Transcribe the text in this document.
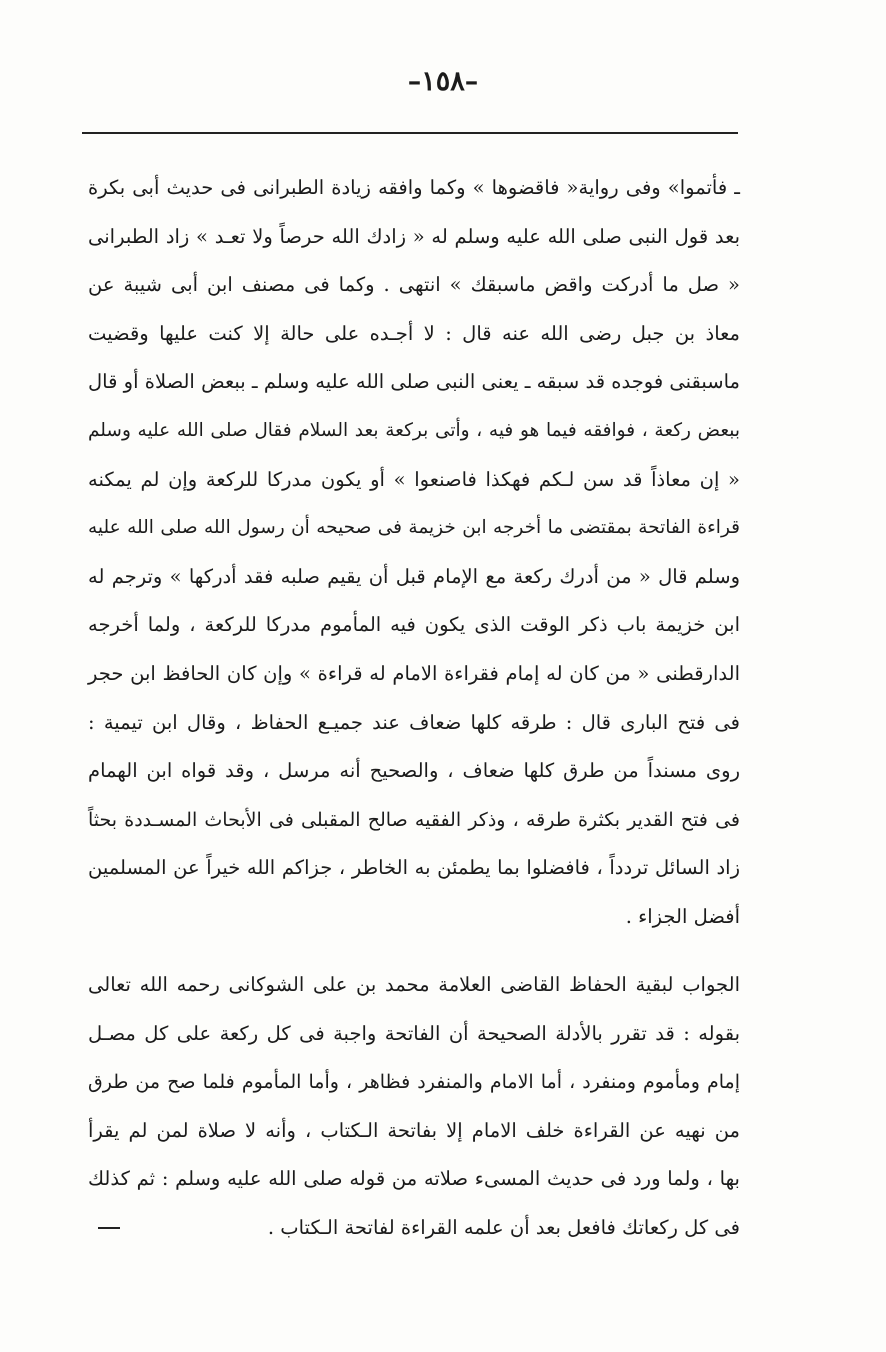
–١٥٨–
ـ فأتموا» وفى رواية« فاقضوها » وكما وافقه زيادة الطبرانى فى حديث أبى بكرة
بعد قول النبى صلى الله عليه وسلم له « زادك الله حرصاً ولا تعـد » زاد الطبرانى
« صل ما أدركت واقض ماسبقك » انتهى . وكما فى مصنف ابن أبى شيبة عن
معاذ بن جبل رضى الله عنه قال : لا أجـده على حالة إلا كنت عليها وقضيت
ماسبقنى فوجده قد سبقه ـ يعنى النبى صلى الله عليه وسلم ـ ببعض الصلاة أو قال
ببعض ركعة ، فوافقه فيما هو فيه ، وأتى بركعة بعد السلام فقال صلى الله عليه وسلم
« إن معاذاً قد سن لـكم فهكذا فاصنعوا » أو يكون مدركا للركعة وإن لم يمكنه
قراءة الفاتحة بمقتضى ما أخرجه ابن خزيمة فى صحيحه أن رسول الله صلى الله عليه
وسلم قال « من أدرك ركعة مع الإمام قبل أن يقيم صلبه فقد أدركها » وترجم له
ابن خزيمة باب ذكر الوقت الذى يكون فيه المأموم مدركا للركعة ، ولما أخرجه
الدارقطنى « من كان له إمام فقراءة الامام له قراءة » وإن كان الحافظ ابن حجر
فى فتح البارى قال : طرقه كلها ضعاف عند جميـع الحفاظ ، وقال ابن تيمية :
روى مسنداً من طرق كلها ضعاف ، والصحيح أنه مرسل ، وقد قواه ابن الهمام
فى فتح القدير بكثرة طرقه ، وذكر الفقيه صالح المقبلى فى الأبحاث المسـددة بحثاً
زاد السائل تردداً ، فافضلوا بما يطمئن به الخاطر ، جزاكم الله خيراً عن المسلمين
أفضل الجزاء .
الجواب لبقية الحفاظ القاضى العلامة محمد بن على الشوكانى رحمه الله تعالى
بقوله : قد تقرر بالأدلة الصحيحة أن الفاتحة واجبة فى كل ركعة على كل مصـل
إمام ومأموم ومنفرد ، أما الامام والمنفرد فظاهر ، وأما المأموم فلما صح من طرق
من نهيه عن القراءة خلف الامام إلا بفاتحة الـكتاب ، وأنه لا صلاة لمن لم يقرأ
بها ، ولما ورد فى حديث المسىء صلاته من قوله صلى الله عليه وسلم : ثم كذلك
فى كل ركعاتك فافعل بعد أن علمه القراءة لفاتحة الـكتاب .
